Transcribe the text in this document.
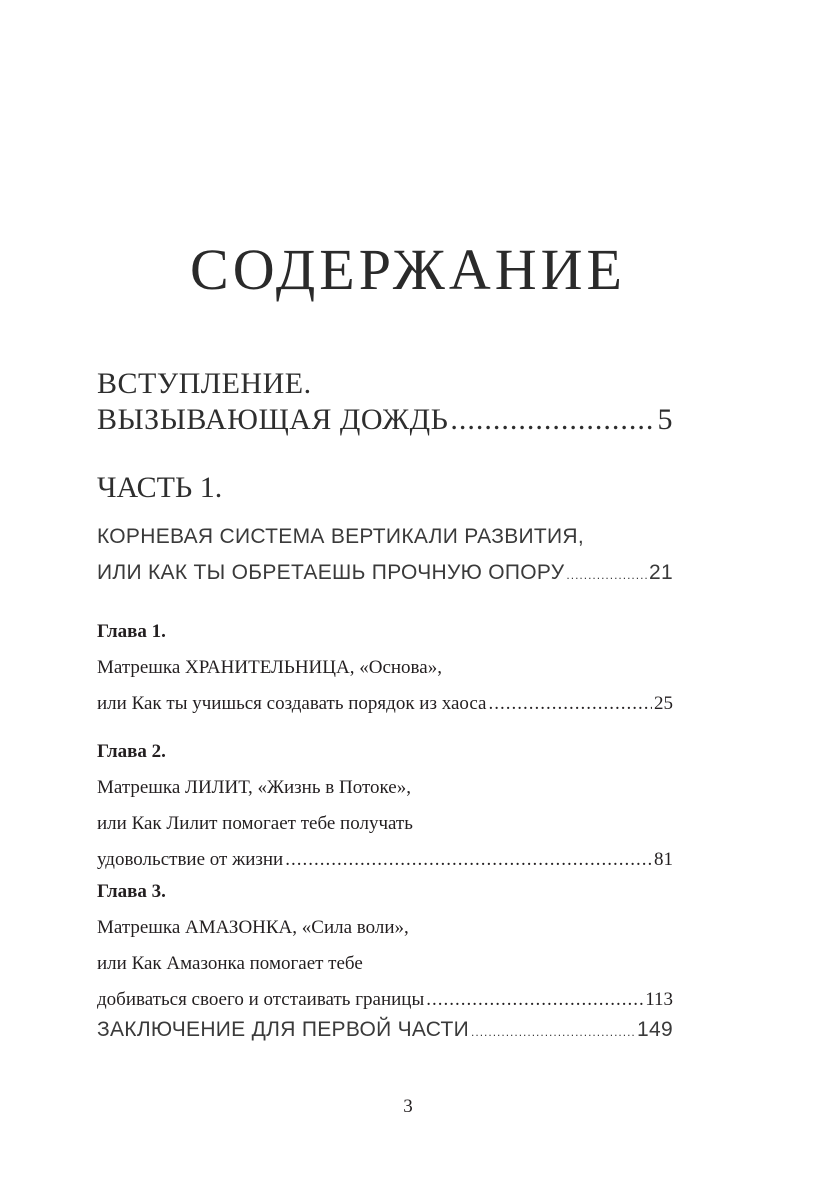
СОДЕРЖАНИЕ
ВСТУПЛЕНИЕ.
ВЫЗЫВАЮЩАЯ ДОЖДЬ .....	5
ЧАСТЬ 1.
КОРНЕВАЯ СИСТЕМА ВЕРТИКАЛИ РАЗВИТИЯ,
ИЛИ КАК ТЫ ОБРЕТАЕШЬ ПРОЧНУЮ ОПОРУ .....	21
Глава 1.
Матрешка ХРАНИТЕЛЬНИЦА, «Основа»,
или Как ты учишься создавать порядок из хаоса .....	25
Глава 2.
Матрешка ЛИЛИТ, «Жизнь в Потоке»,
или Как Лилит помогает тебе получать
удовольствие от жизни .....	81
Глава 3.
Матрешка АМАЗОНКА, «Сила воли»,
или Как Амазонка помогает тебе
добиваться своего и отстаивать границы .....	113
ЗАКЛЮЧЕНИЕ ДЛЯ ПЕРВОЙ ЧАСТИ .....	149
3
